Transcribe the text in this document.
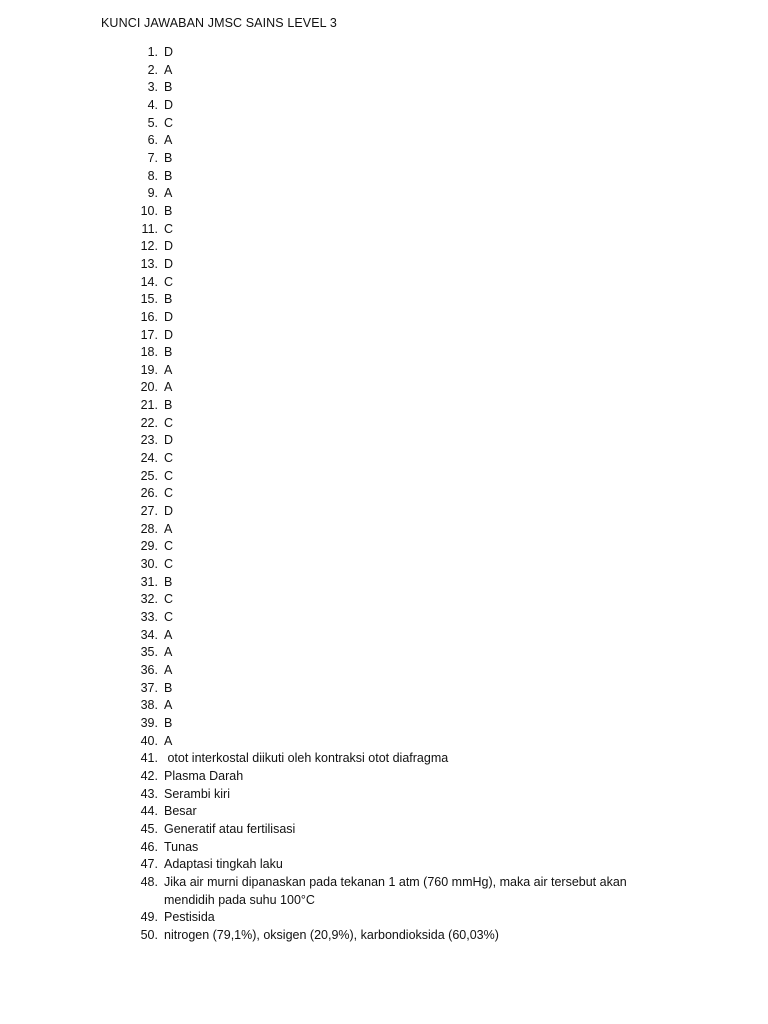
KUNCI JAWABAN JMSC SAINS LEVEL 3
1. D
2. A
3. B
4. D
5. C
6. A
7. B
8. B
9. A
10. B
11. C
12. D
13. D
14. C
15. B
16. D
17. D
18. B
19. A
20. A
21. B
22. C
23. D
24. C
25. C
26. C
27. D
28. A
29. C
30. C
31. B
32. C
33. C
34. A
35. A
36. A
37. B
38. A
39. B
40. A
41. otot interkostal diikuti oleh kontraksi otot diafragma
42. Plasma Darah
43. Serambi kiri
44. Besar
45. Generatif atau fertilisasi
46. Tunas
47. Adaptasi tingkah laku
48. Jika air murni dipanaskan pada tekanan 1 atm (760 mmHg), maka air tersebut akan mendidih pada suhu 100°C
49. Pestisida
50. nitrogen (79,1%), oksigen (20,9%), karbondioksida (60,03%)
